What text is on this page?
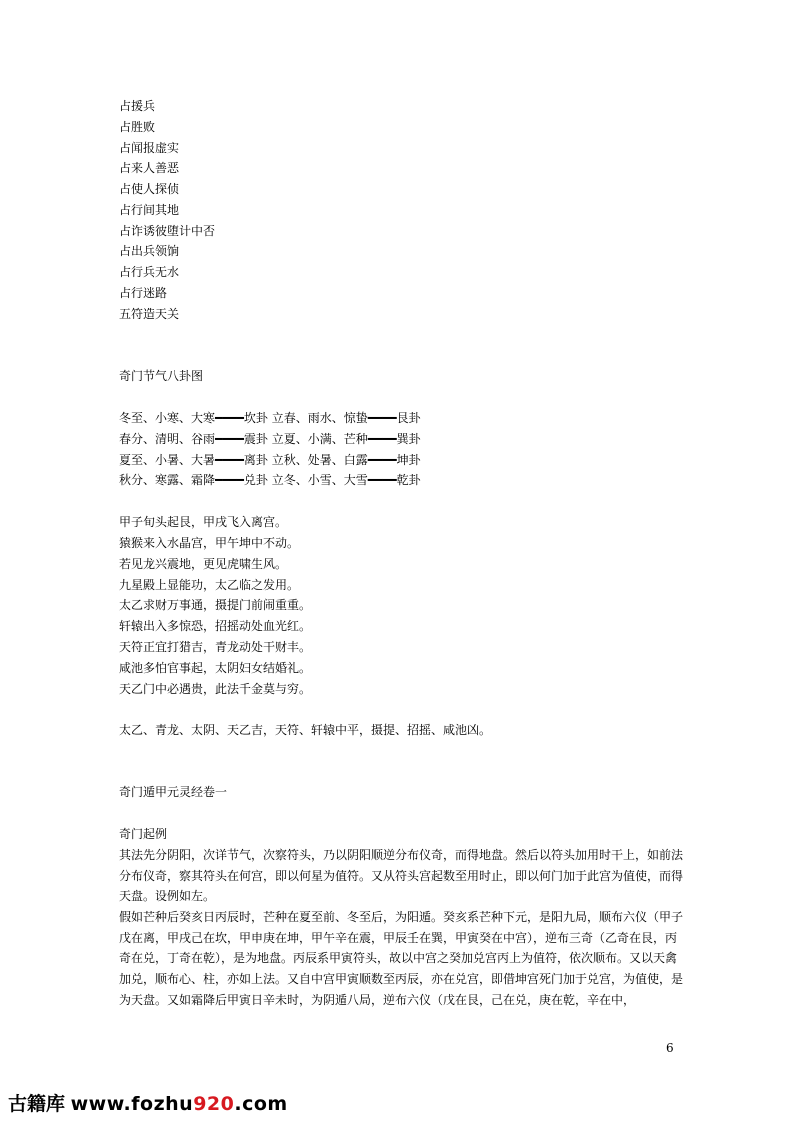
占援兵
占胜败
占闻报虚实
占来人善恶
占使人探侦
占行间其地
占诈诱彼堕计中否
占出兵领饷
占行兵无水
占行迷路
五符造天关
奇门节气八卦图
冬至、小寒、大寒━━━━坎卦 立春、雨水、惊蛰━━━━艮卦
春分、清明、谷雨━━━━震卦 立夏、小满、芒种━━━━巽卦
夏至、小暑、大暑━━━━离卦 立秋、处暑、白露━━━━坤卦
秋分、寒露、霜降━━━━兑卦 立冬、小雪、大雪━━━━乾卦
甲子旬头起艮，甲戌飞入离宫。
猿猴来入水晶宫，甲午坤中不动。
若见龙兴震地，更见虎啸生风。
九星殿上显能功，太乙临之发用。
太乙求财万事通，摄提门前闹重重。
轩辕出入多惊恐，招摇动处血光红。
天符正宜打猎吉，青龙动处干财丰。
咸池多怕官事起，太阴妇女结婚礼。
天乙门中必遇贵，此法千金莫与穷。
太乙、青龙、太阴、天乙吉，天符、轩辕中平，摄提、招摇、咸池凶。
奇门遁甲元灵经卷一
奇门起例
其法先分阴阳，次详节气，次察符头，乃以阴阳顺逆分布仪奇，而得地盘。然后以符头加用时干上，如前法分布仪奇，察其符头在何宫，即以何星为值符。又从符头宫起数至用时止，即以何门加于此宫为值使，而得天盘。设例如左。
假如芒种后癸亥日丙辰时，芒种在夏至前、冬至后，为阳遁。癸亥系芒种下元，是阳九局，顺布六仪（甲子戊在离，甲戌己在坎，甲申庚在坤，甲午辛在震，甲辰壬在巽，甲寅癸在中宫），逆布三奇（乙奇在艮，丙奇在兑，丁奇在乾），是为地盘。丙辰系甲寅符头，故以中宫之癸加兑宫丙上为值符，依次顺布。又以天禽加兑，顺布心、柱，亦如上法。又自中宫甲寅顺数至丙辰，亦在兑宫，即借坤宫死门加于兑宫，为值使，是为天盘。又如霜降后甲寅日辛未时，为阴遁八局，逆布六仪（戊在艮，己在兑，庚在乾，辛在中，
6
古籍库 www.fozhu920.com
